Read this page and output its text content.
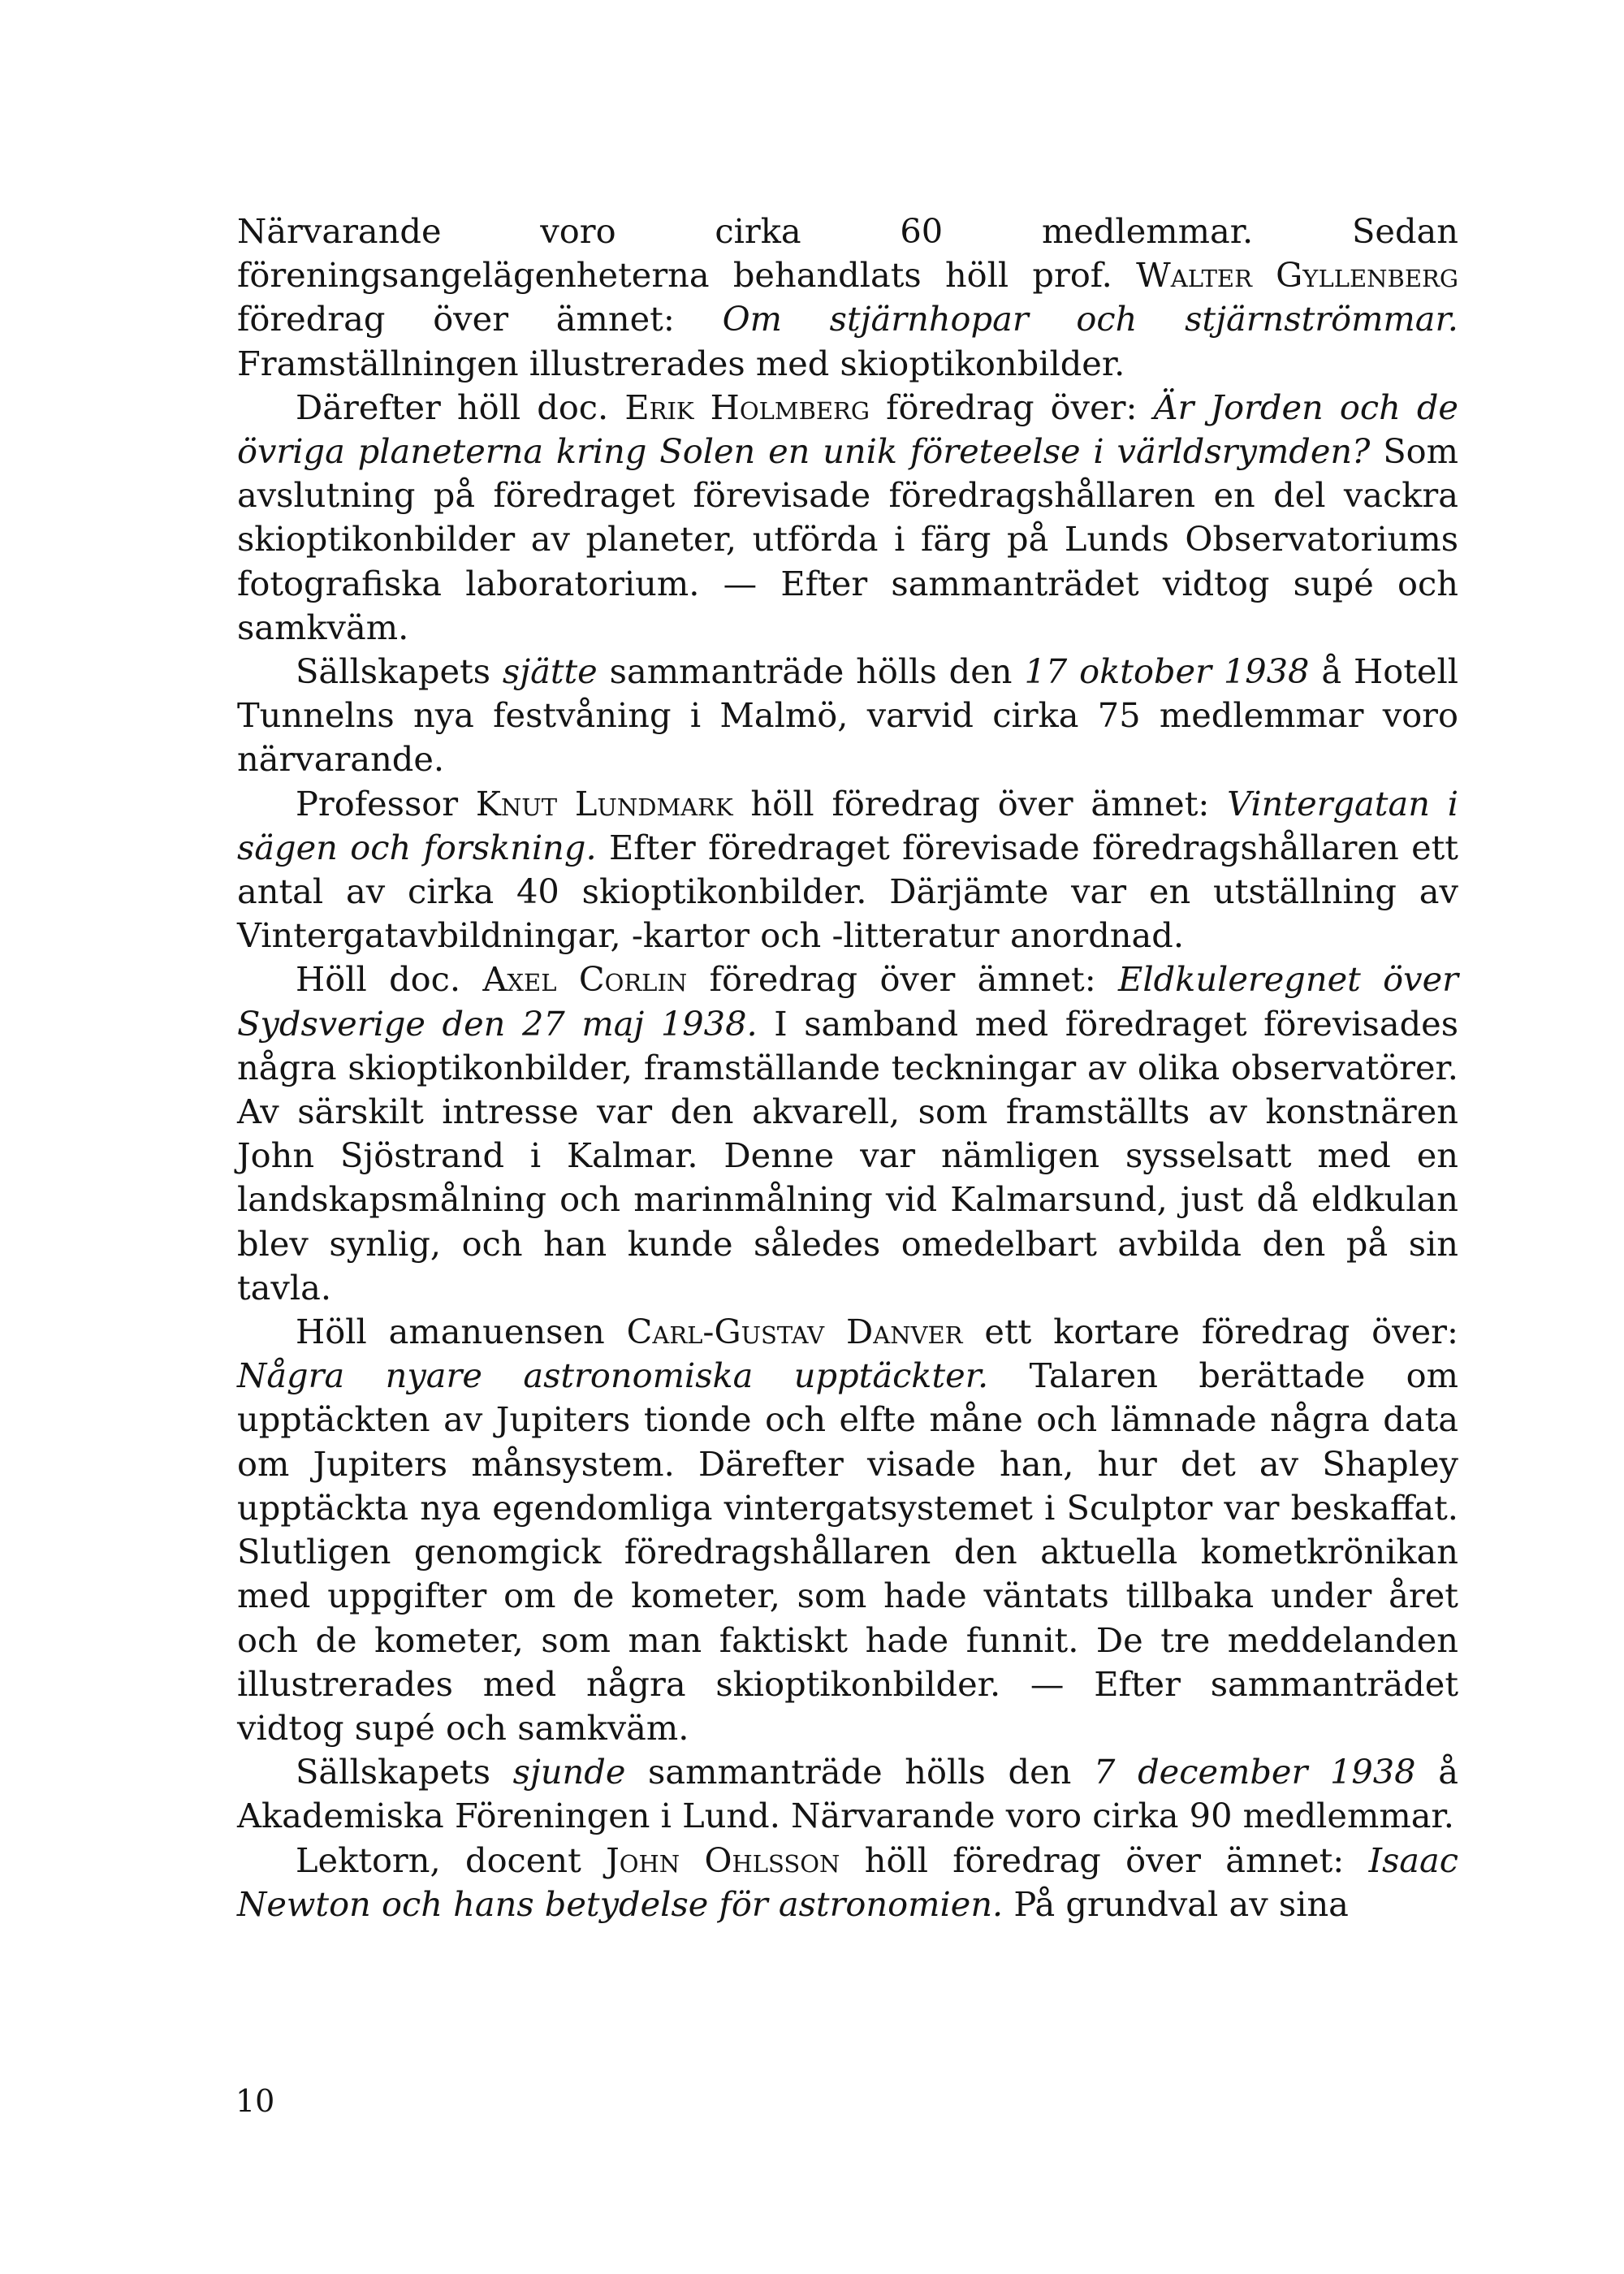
Närvarande voro cirka 60 medlemmar. Sedan föreningsangelägenheterna behandlats höll prof. Walter Gyllenberg föredrag över ämnet: Om stjärnhopar och stjärnströmmar. Framställningen illustrerades med skioptikonbilder.

Därefter höll doc. Erik Holmberg föredrag över: Är Jorden och de övriga planeterna kring Solen en unik företeelse i världsrymden? Som avslutning på föredraget förevisade föredragshållaren en del vackra skioptikonbilder av planeter, utförda i färg på Lunds Observatoriums fotografiska laboratorium. — Efter sammanträdet vidtog supé och samkväm.

Sällskapets sjätte sammanträde hölls den 17 oktober 1938 å Hotell Tunnelns nya festvåning i Malmö, varvid cirka 75 medlemmar voro närvarande.

Professor Knut Lundmark höll föredrag över ämnet: Vintergatan i sägen och forskning. Efter föredraget förevisade föredragshållaren ett antal av cirka 40 skioptikonbilder. Därjämte var en utställning av Vintergatavbildningar, -kartor och -litteratur anordnad.

Höll doc. Axel Corlin föredrag över ämnet: Eldkuleregnet över Sydsverige den 27 maj 1938. I samband med föredraget förevisades några skioptikonbilder, framställande teckningar av olika observatörer. Av särskilt intresse var den akvarell, som framställts av konstnären John Sjöstrand i Kalmar. Denne var nämligen sysselsatt med en landskapsmålning och marinmålning vid Kalmarsund, just då eldkulan blev synlig, och han kunde således omedelbart avbilda den på sin tavla.

Höll amanuensen Carl-Gustav Danver ett kortare föredrag över: Några nyare astronomiska upptäckter. Talaren berättade om upptäckten av Jupiters tionde och elfte måne och lämnade några data om Jupiters månsystem. Därefter visade han, hur det av Shapley upptäckta nya egendomliga vintergatsystemet i Sculptor var beskaffat. Slutligen genomgick föredragshållaren den aktuella kometkrönikan med uppgifter om de kometer, som hade väntats tillbaka under året och de kometer, som man faktiskt hade funnit. De tre meddelanden illustrerades med några skioptikonbilder. — Efter sammanträdet vidtog supé och samkväm.

Sällskapets sjunde sammanträde hölls den 7 december 1938 å Akademiska Föreningen i Lund. Närvarande voro cirka 90 medlemmar.

Lektorn, docent John Ohlsson höll föredrag över ämnet: Isaac Newton och hans betydelse för astronomien. På grundval av sina

10
